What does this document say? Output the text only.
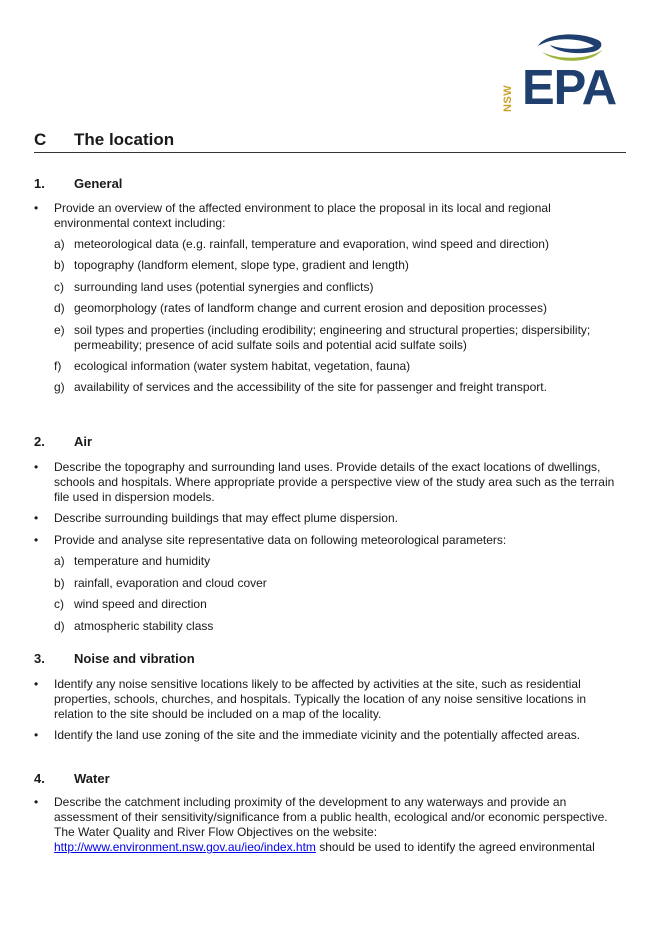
NSW EPA
C The location
1. General
• Provide an overview of the affected environment to place the proposal in its local and regional environmental context including:
a) meteorological data (e.g. rainfall, temperature and evaporation, wind speed and direction)
b) topography (landform element, slope type, gradient and length)
c) surrounding land uses (potential synergies and conflicts)
d) geomorphology (rates of landform change and current erosion and deposition processes)
e) soil types and properties (including erodibility; engineering and structural properties; dispersibility; permeability; presence of acid sulfate soils and potential acid sulfate soils)
f) ecological information (water system habitat, vegetation, fauna)
g) availability of services and the accessibility of the site for passenger and freight transport.
2. Air
• Describe the topography and surrounding land uses. Provide details of the exact locations of dwellings, schools and hospitals. Where appropriate provide a perspective view of the study area such as the terrain file used in dispersion models.
• Describe surrounding buildings that may effect plume dispersion.
• Provide and analyse site representative data on following meteorological parameters:
a) temperature and humidity
b) rainfall, evaporation and cloud cover
c) wind speed and direction
d) atmospheric stability class
3. Noise and vibration
• Identify any noise sensitive locations likely to be affected by activities at the site, such as residential properties, schools, churches, and hospitals. Typically the location of any noise sensitive locations in relation to the site should be included on a map of the locality.
• Identify the land use zoning of the site and the immediate vicinity and the potentially affected areas.
4. Water
• Describe the catchment including proximity of the development to any waterways and provide an assessment of their sensitivity/significance from a public health, ecological and/or economic perspective. The Water Quality and River Flow Objectives on the website:
http://www.environment.nsw.gov.au/ieo/index.htm should be used to identify the agreed environmental
